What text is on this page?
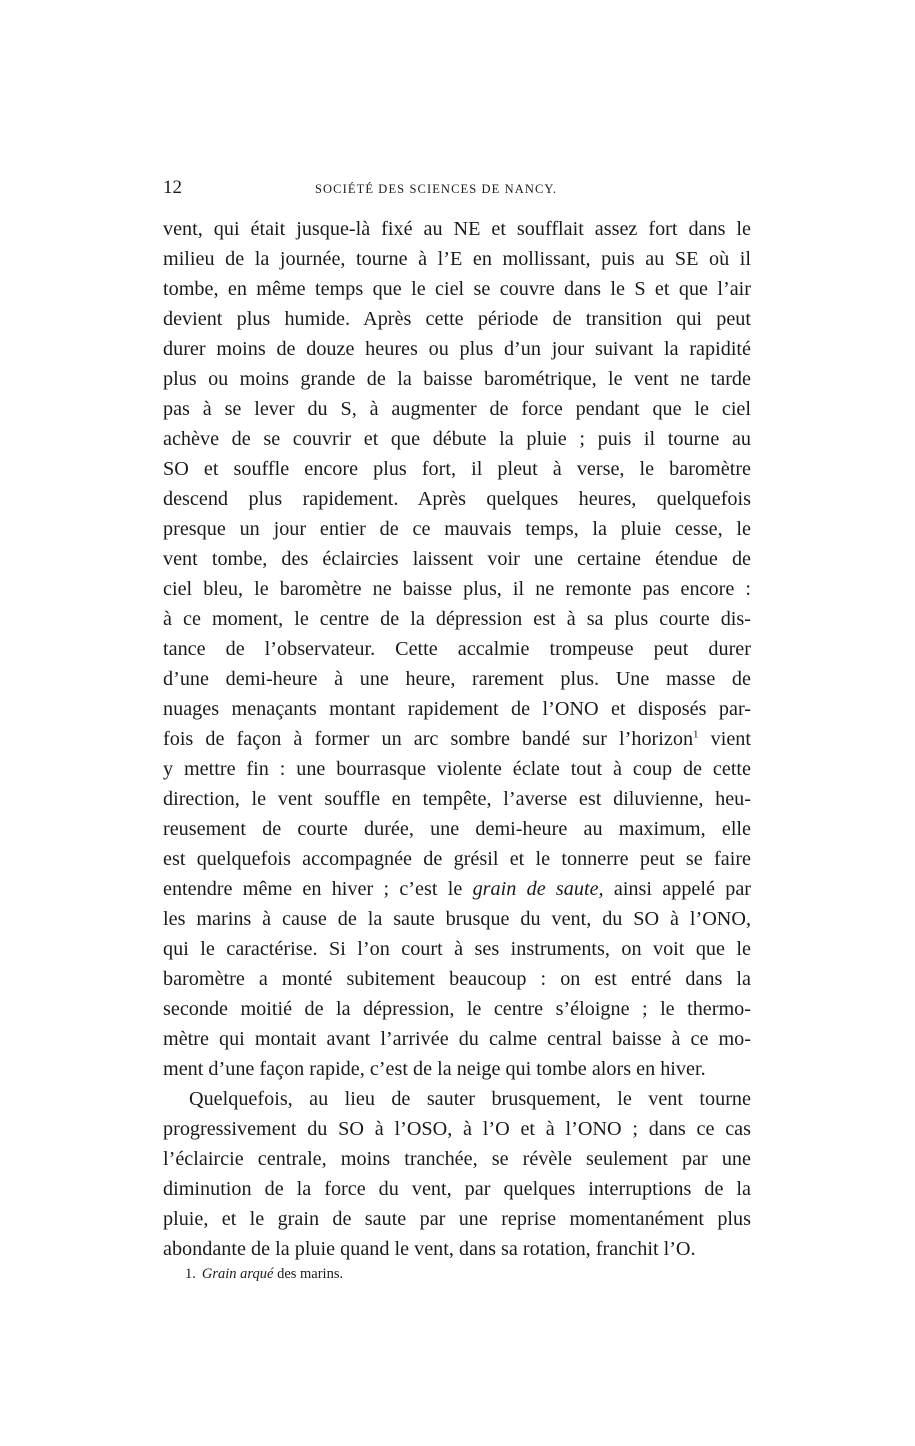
12	SOCIÉTÉ DES SCIENCES DE NANCY.
vent, qui était jusque-là fixé au NE et soufflait assez fort dans le
milieu de la journée, tourne à l’E en mollissant, puis au SE où il
tombe, en même temps que le ciel se couvre dans le S et que l’air
devient plus humide. Après cette période de transition qui peut
durer moins de douze heures ou plus d’un jour suivant la rapidité
plus ou moins grande de la baisse barométrique, le vent ne tarde
pas à se lever du S, à augmenter de force pendant que le ciel
achève de se couvrir et que débute la pluie ; puis il tourne au
SO et souffle encore plus fort, il pleut à verse, le baromètre
descend plus rapidement. Après quelques heures, quelquefois
presque un jour entier de ce mauvais temps, la pluie cesse, le
vent tombe, des éclaircies laissent voir une certaine étendue de
ciel bleu, le baromètre ne baisse plus, il ne remonte pas encore :
à ce moment, le centre de la dépression est à sa plus courte dis-
tance de l’observateur. Cette accalmie trompeuse peut durer
d’une demi-heure à une heure, rarement plus. Une masse de
nuages menaçants montant rapidement de l’ONO et disposés par-
fois de façon à former un arc sombre bandé sur l’horizon$^1$ vient
y mettre fin : une bourrasque violente éclate tout à coup de cette
direction, le vent souffle en tempête, l’averse est diluvienne, heu-
reusement de courte durée, une demi-heure au maximum, elle
est quelquefois accompagnée de grésil et le tonnerre peut se faire
entendre même en hiver ; c’est le grain de saute, ainsi appelé par
les marins à cause de la saute brusque du vent, du SO à l’ONO,
qui le caractérise. Si l’on court à ses instruments, on voit que le
baromètre a monté subitement beaucoup : on est entré dans la
seconde moitié de la dépression, le centre s’éloigne ; le thermo-
mètre qui montait avant l’arrivée du calme central baisse à ce mo-
ment d’une façon rapide, c’est de la neige qui tombe alors en hiver.
Quelquefois, au lieu de sauter brusquement, le vent tourne
progressivement du SO à l’OSO, à l’O et à l’ONO ; dans ce cas
l’éclaircie centrale, moins tranchée, se révèle seulement par une
diminution de la force du vent, par quelques interruptions de la
pluie, et le grain de saute par une reprise momentanément plus
abondante de la pluie quand le vent, dans sa rotation, franchit l’O.
1. Grain arqué des marins.
